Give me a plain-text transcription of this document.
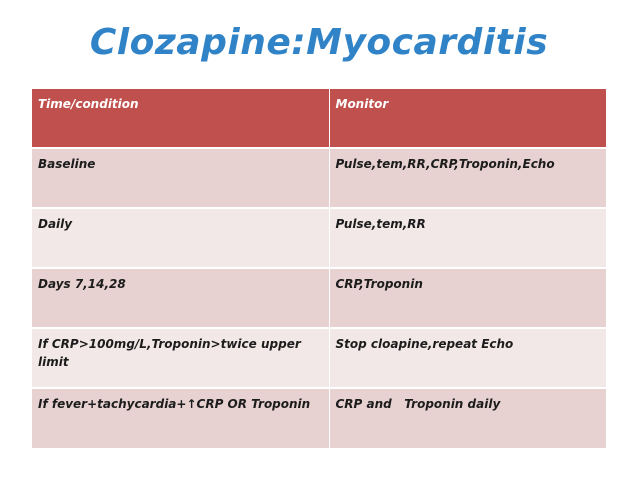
Clozapine:Myocarditis
Time/condition	Monitor
Baseline	Pulse,tem,RR,CRP,Troponin,Echo
Daily	Pulse,tem,RR
Days 7,14,28	CRP,Troponin
If CRP>100mg/L,Troponin>twice upper limit	Stop cloapine,repeat Echo
If fever+tachycardia+↑CRP OR Troponin	CRP and   Troponin daily
